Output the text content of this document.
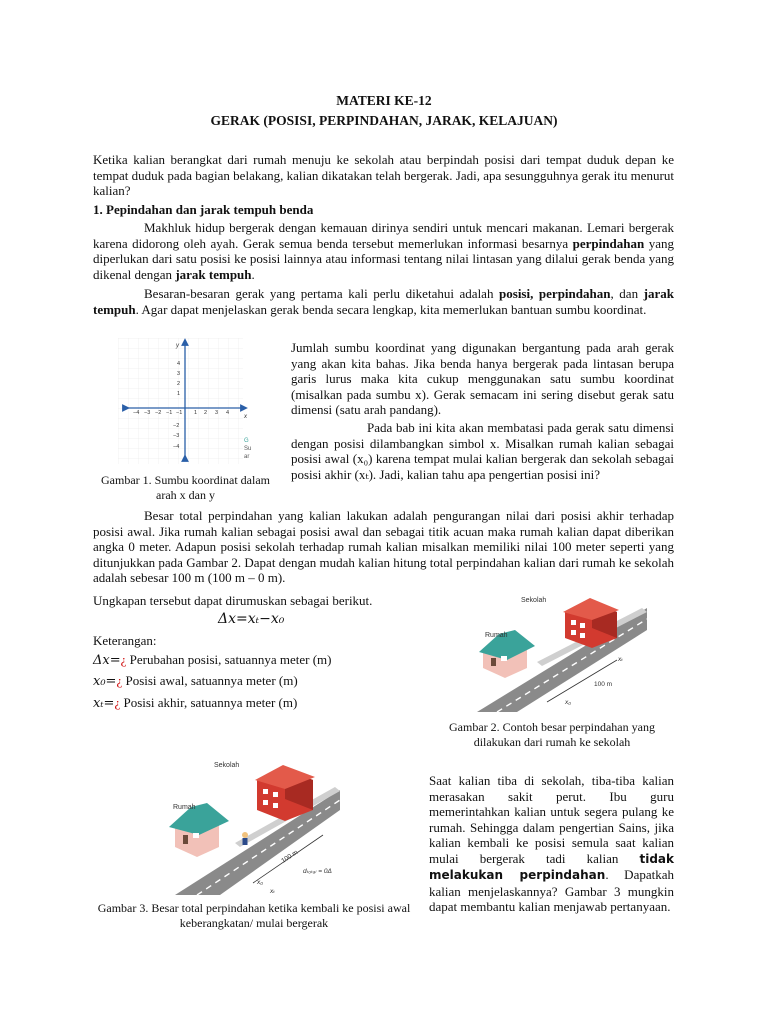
MATERI KE-12
GERAK (POSISI, PERPINDAHAN, JARAK, KELAJUAN)
Ketika kalian berangkat dari rumah menuju ke sekolah atau berpindah posisi dari tempat duduk depan ke tempat duduk pada bagian belakang, kalian dikatakan telah bergerak. Jadi, apa sesungguhnya gerak itu menurut kalian?
1. Pepindahan dan jarak tempuh benda
Makhluk hidup bergerak dengan kemauan dirinya sendiri untuk mencari makanan. Lemari bergerak karena didorong oleh ayah. Gerak semua benda tersebut memerlukan informasi besarnya perpindahan yang diperlukan dari satu posisi ke posisi lainnya atau informasi tentang nilai lintasan yang dilalui gerak benda yang dikenal dengan jarak tempuh.
Besaran-besaran gerak yang pertama kali perlu diketahui adalah posisi, perpindahan, dan jarak tempuh. Agar dapat menjelaskan gerak benda secara lengkap, kita memerlukan bantuan sumbu koordinat.
y
x
−4 −3 −2 −1 −1 1 2 3 4
4
3
2
1
−2
−3
−4
G
Su
ar
Gambar 1. Sumbu koordinat dalam arah x dan y
Jumlah sumbu koordinat yang digunakan bergantung pada arah gerak yang akan kita bahas. Jika benda hanya bergerak pada lintasan berupa garis lurus maka kita cukup menggunakan satu sumbu koordinat (misalkan pada sumbu x). Gerak semacam ini sering disebut gerak satu dimensi (satu arah pandang).
Pada bab ini kita akan membatasi pada gerak satu dimensi dengan posisi dilambangkan simbol x. Misalkan rumah kalian sebagai posisi awal (x₀) karena tempat mulai kalian bergerak dan sekolah sebagai posisi akhir (xₜ). Jadi, kalian tahu apa pengertian posisi ini?
Besar total perpindahan yang kalian lakukan adalah pengurangan nilai dari posisi akhir terhadap posisi awal. Jika rumah kalian sebagai posisi awal dan sebagai titik acuan maka rumah kalian dapat diberikan angka 0 meter. Adapun posisi sekolah terhadap rumah kalian misalkan memiliki nilai 100 meter seperti yang ditunjukkan pada Gambar 2. Dapat dengan mudah kalian hitung total perpindahan kalian dari rumah ke sekolah adalah sebesar 100 m (100 m – 0 m).
Ungkapan tersebut dapat dirumuskan sebagai berikut.
Δx=xₜ−x₀
Keterangan:
Δx=¿ Perubahan posisi, satuannya meter (m)
x₀=¿ Posisi awal, satuannya meter (m)
xₜ=¿ Posisi akhir, satuannya meter (m)
Sekolah
Rumah
100 m
xₜ
x₀
Gambar 2. Contoh besar perpindahan yang dilakukan dari rumah ke sekolah
Sekolah
Rumah
100 m
dₜₒₜₐₗ = 0Δ
x₀
xₜ
Gambar 3. Besar total perpindahan ketika kembali ke posisi awal keberangkatan/ mulai bergerak
Saat kalian tiba di sekolah, tiba-tiba kalian merasakan sakit perut. Ibu guru memerintahkan kalian untuk segera pulang ke rumah. Sehingga dalam pengertian Sains, jika kalian kembali ke posisi semula saat kalian mulai bergerak tadi kalian tidak melakukan perpindahan. Dapatkah kalian menjelaskannya? Gambar 3 mungkin dapat membantu kalian menjawab pertanyaan.
